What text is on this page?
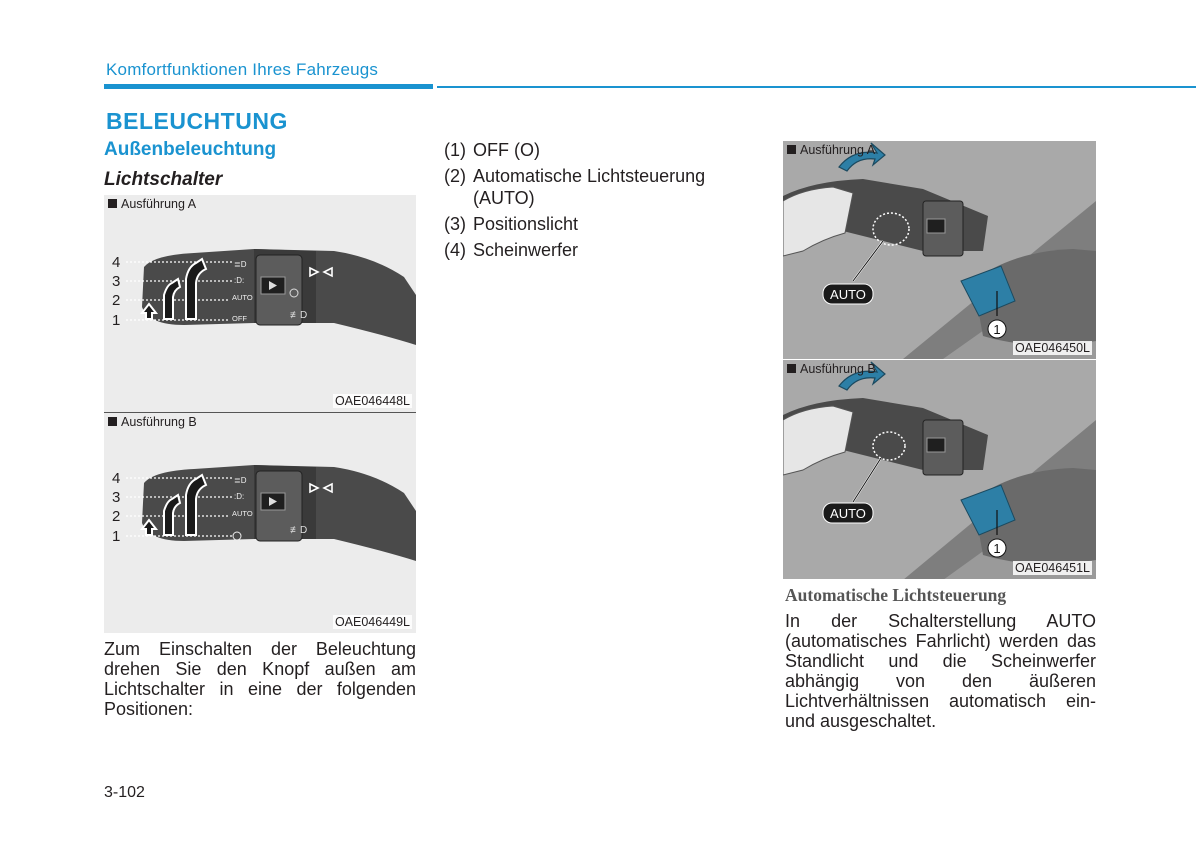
Komfortfunktionen Ihres Fahrzeugs
BELEUCHTUNG
Außenbeleuchtung
Lichtschalter
Ausführung A
≢D
≣D
:D:
AUTO
OFF
4
3
2
1
OAE046448L
Ausführung B
≢D
≣D
:D:
AUTO
4
3
2
1
OAE046449L
(1) OFF (O)
(2) Automatische Lichtsteuerung (AUTO)
(3) Positionslicht
(4) Scheinwerfer
Ausführung A
AUTO
1
OAE046450L
Ausführung B
AUTO
1
OAE046451L
Zum Einschalten der Beleuchtung drehen Sie den Knopf außen am Lichtschalter in eine der folgenden Positionen:
Automatische Lichtsteuerung
In der Schalterstellung AUTO (automatisches Fahrlicht) werden das Standlicht und die Scheinwerfer abhängig von den äußeren Lichtverhältnissen automatisch ein- und ausgeschaltet.
3-102
